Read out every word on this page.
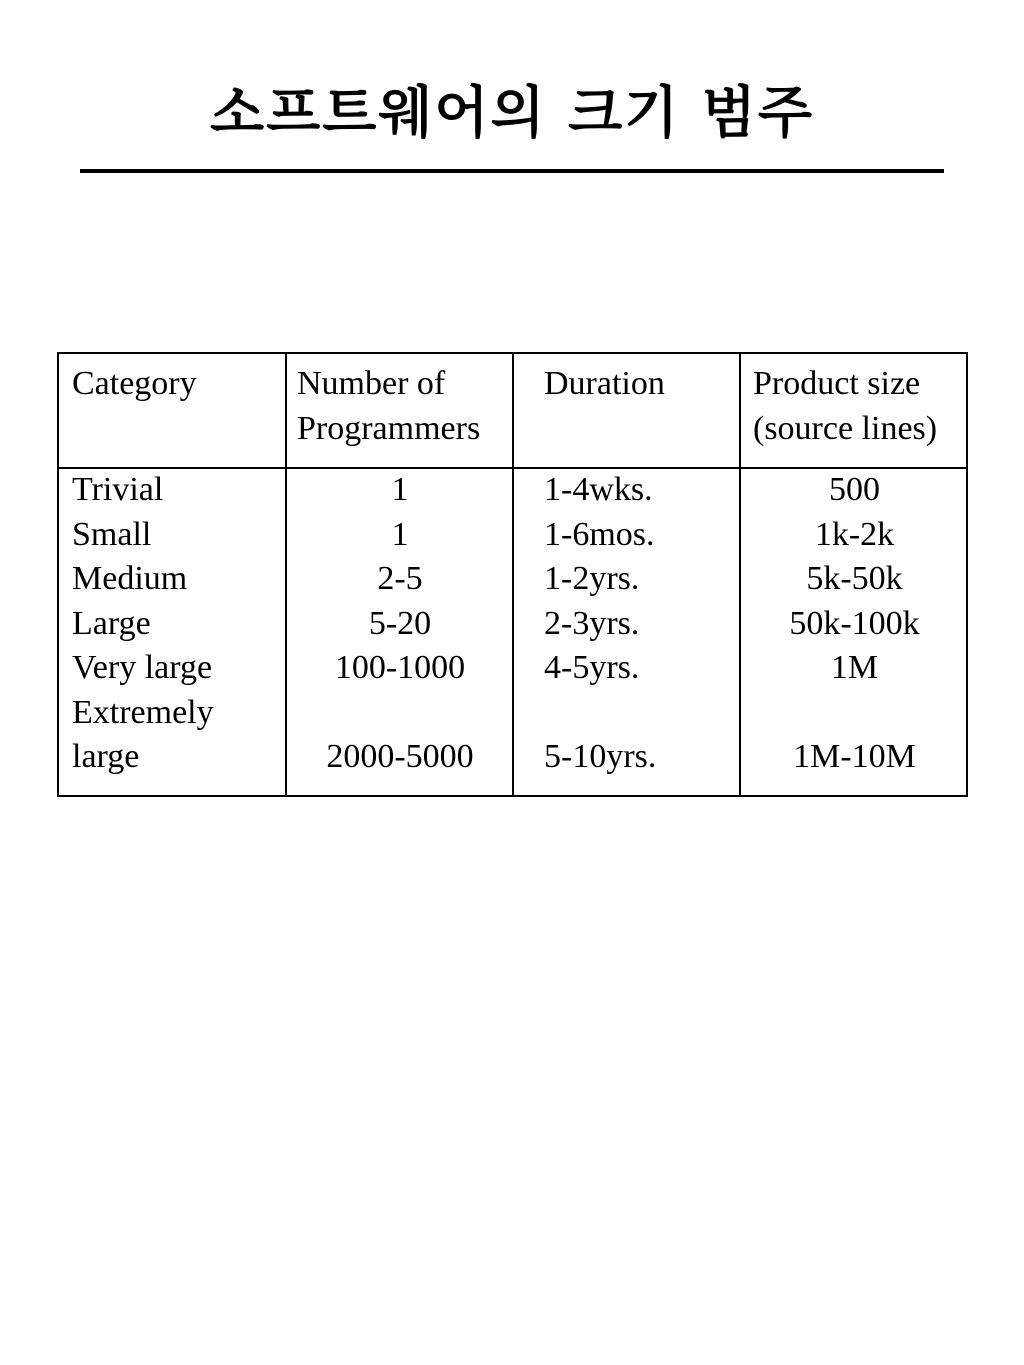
소프트웨어의 크기 범주
Category	Number of
Programmers
Duration	Product size
(source lines)
Trivial
Small
Medium
Large
Very large
Extremely
large
1
1
2-5
5-20
100-1000
2000-5000
1-4wks.
1-6mos.
1-2yrs.
2-3yrs.
4-5yrs.
5-10yrs.
500
1k-2k
5k-50k
50k-100k
1M
1M-10M
